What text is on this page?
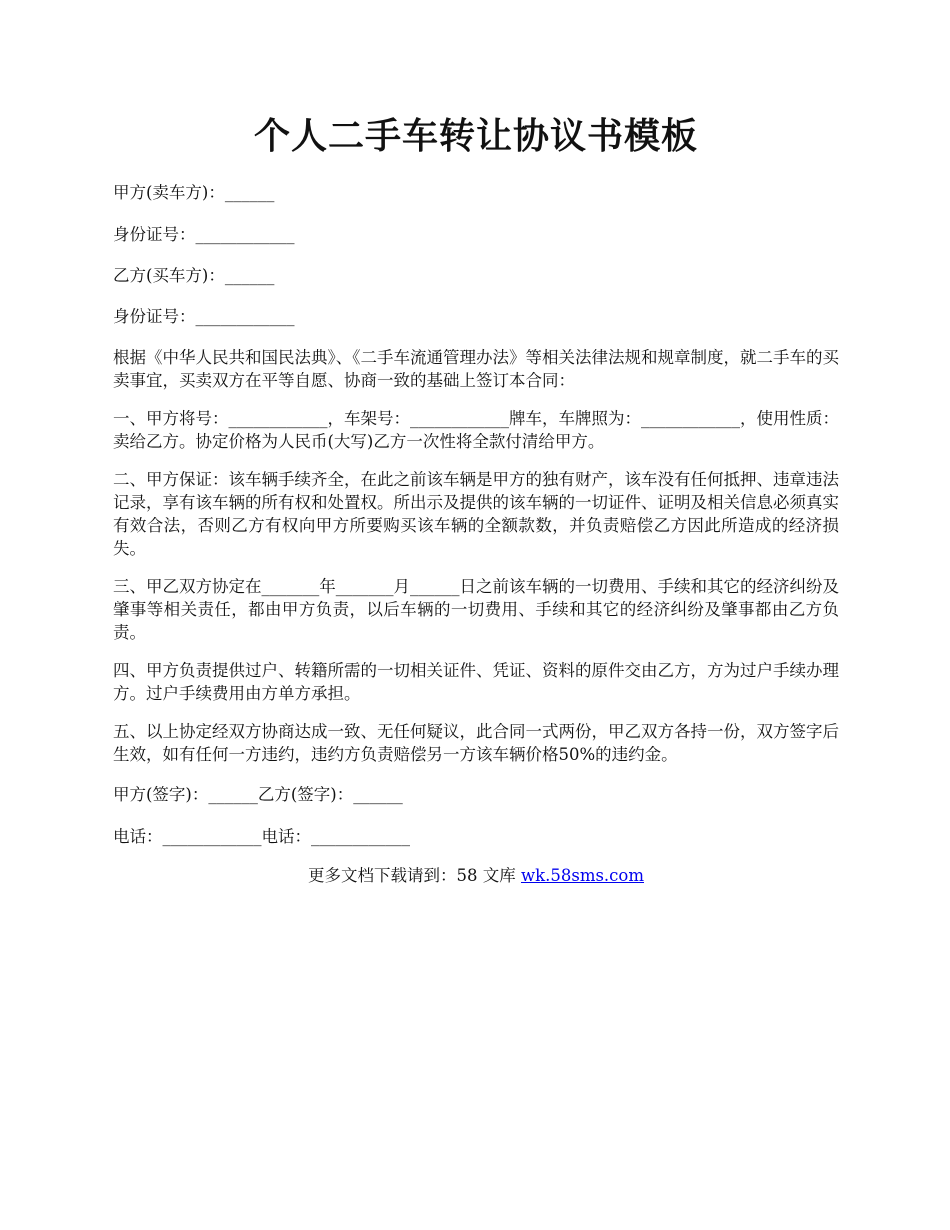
个人二手车转让协议书模板

甲方(卖车方)：______

身份证号：____________

乙方(买车方)：______

身份证号：____________

根据《中华人民共和国民法典》、《二手车流通管理办法》等相关法律法规和规章制度，就二手车的买卖事宜，买卖双方在平等自愿、协商一致的基础上签订本合同：

一、甲方将号：____________，车架号：____________牌车，车牌照为：____________，使用性质：卖给乙方。协定价格为人民币(大写)乙方一次性将全款付清给甲方。

二、甲方保证：该车辆手续齐全，在此之前该车辆是甲方的独有财产，该车没有任何抵押、违章违法记录，享有该车辆的所有权和处置权。所出示及提供的该车辆的一切证件、证明及相关信息必须真实有效合法，否则乙方有权向甲方所要购买该车辆的全额款数，并负责赔偿乙方因此所造成的经济损失。

三、甲乙双方协定在_______年_______月______日之前该车辆的一切费用、手续和其它的经济纠纷及肇事等相关责任，都由甲方负责，以后车辆的一切费用、手续和其它的经济纠纷及肇事都由乙方负责。

四、甲方负责提供过户、转籍所需的一切相关证件、凭证、资料的原件交由乙方，方为过户手续办理方。过户手续费用由方单方承担。

五、以上协定经双方协商达成一致、无任何疑议，此合同一式两份，甲乙双方各持一份，双方签字后生效，如有任何一方违约，违约方负责赔偿另一方该车辆价格50%的违约金。

甲方(签字)：______乙方(签字)：______

电话：____________电话：____________

更多文档下载请到：58 文库 wk.58sms.com
